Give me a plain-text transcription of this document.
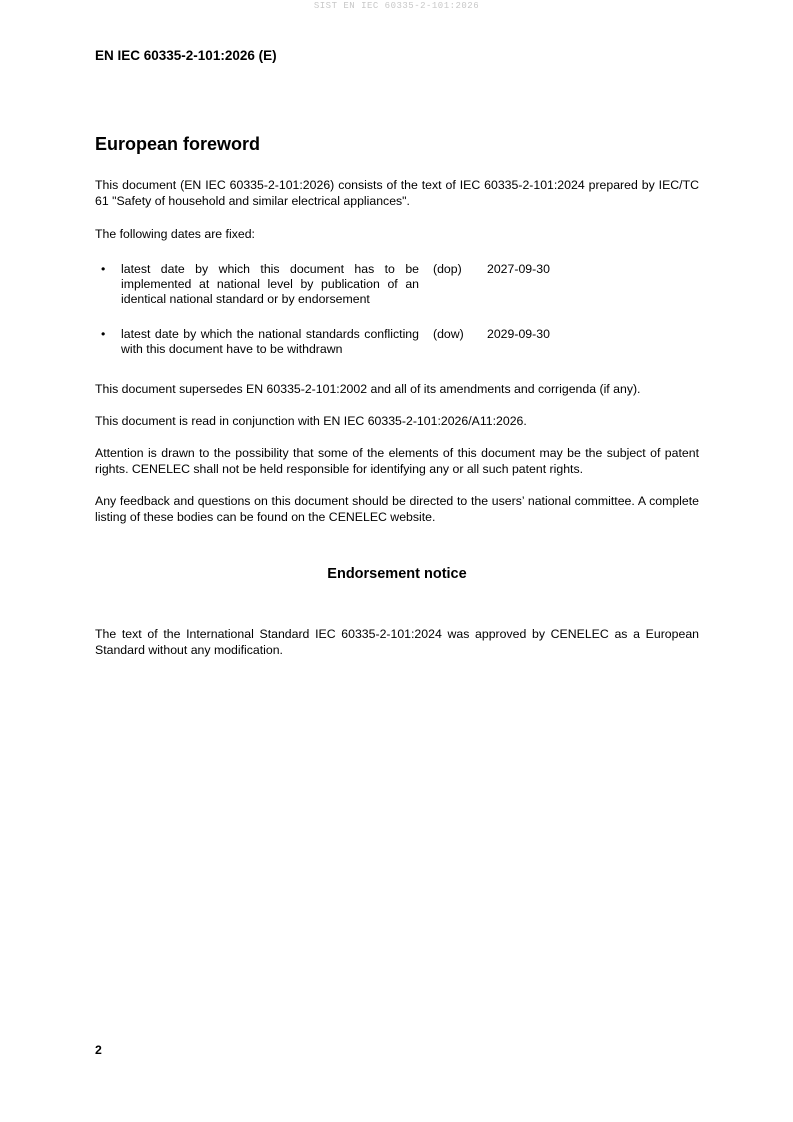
SIST EN IEC 60335-2-101:2026
EN IEC 60335-2-101:2026 (E)
European foreword

This document (EN IEC 60335-2-101:2026) consists of the text of IEC 60335-2-101:2024 prepared by IEC/TC 61 "Safety of household and similar electrical appliances".

The following dates are fixed:

• latest date by which this document has to be implemented at national level by publication of an identical national standard or by endorsement
(dop) 2027-09-30
• latest date by which the national standards conflicting with this document have to be withdrawn
(dow) 2029-09-30

This document supersedes EN 60335-2-101:2002 and all of its amendments and corrigenda (if any).

This document is read in conjunction with EN IEC 60335-2-101:2026/A11:2026.

Attention is drawn to the possibility that some of the elements of this document may be the subject of patent rights. CENELEC shall not be held responsible for identifying any or all such patent rights.

Any feedback and questions on this document should be directed to the users’ national committee. A complete listing of these bodies can be found on the CENELEC website.

Endorsement notice

The text of the International Standard IEC 60335-2-101:2024 was approved by CENELEC as a European Standard without any modification.

2
